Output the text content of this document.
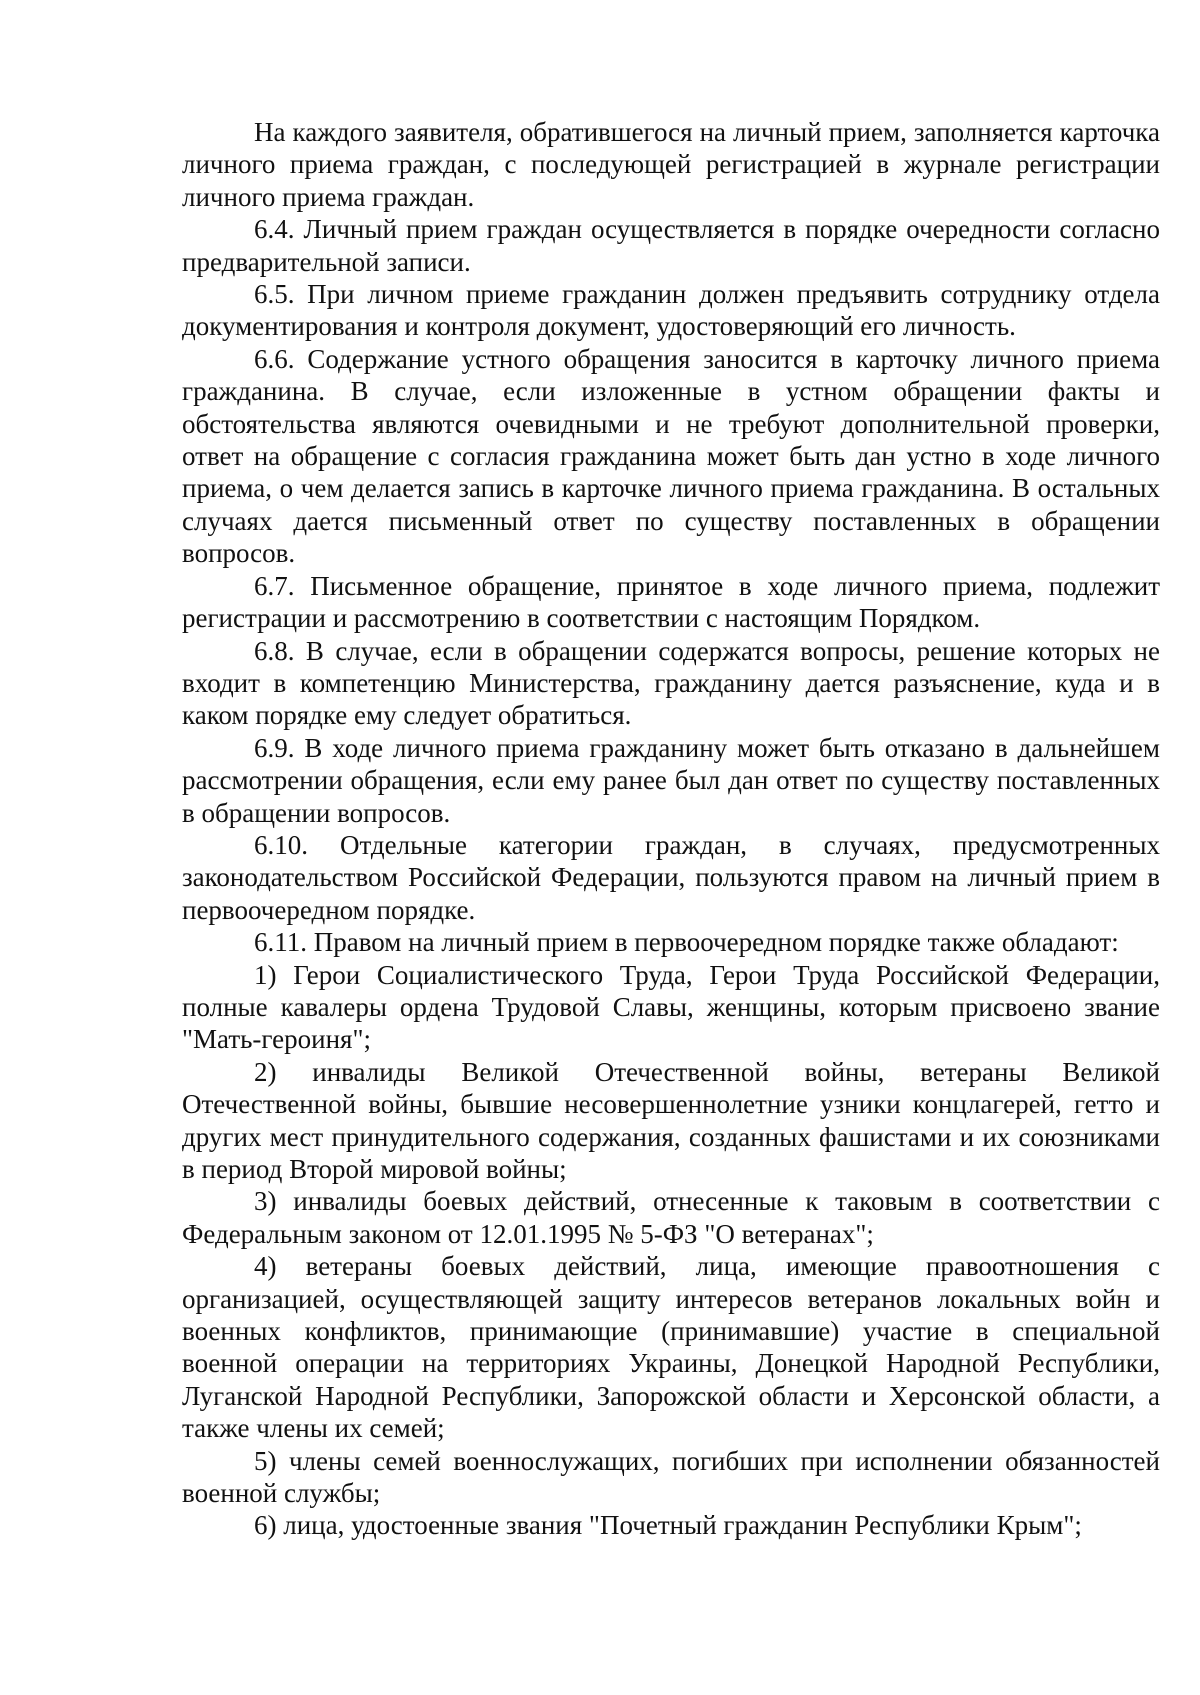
На каждого заявителя, обратившегося на личный прием, заполняется карточка личного приема граждан, с последующей регистрацией в журнале регистрации личного приема граждан.

6.4. Личный прием граждан осуществляется в порядке очередности согласно предварительной записи.

6.5. При личном приеме гражданин должен предъявить сотруднику отдела документирования и контроля документ, удостоверяющий его личность.

6.6. Содержание устного обращения заносится в карточку личного приема гражданина. В случае, если изложенные в устном обращении факты и обстоятельства являются очевидными и не требуют дополнительной проверки, ответ на обращение с согласия гражданина может быть дан устно в ходе личного приема, о чем делается запись в карточке личного приема гражданина. В остальных случаях дается письменный ответ по существу поставленных в обращении вопросов.

6.7. Письменное обращение, принятое в ходе личного приема, подлежит регистрации и рассмотрению в соответствии с настоящим Порядком.

6.8. В случае, если в обращении содержатся вопросы, решение которых не входит в компетенцию Министерства, гражданину дается разъяснение, куда и в каком порядке ему следует обратиться.

6.9. В ходе личного приема гражданину может быть отказано в дальнейшем рассмотрении обращения, если ему ранее был дан ответ по существу поставленных в обращении вопросов.

6.10. Отдельные категории граждан, в случаях, предусмотренных законодательством Российской Федерации, пользуются правом на личный прием в первоочередном порядке.

6.11. Правом на личный прием в первоочередном порядке также обладают:

1) Герои Социалистического Труда, Герои Труда Российской Федерации, полные кавалеры ордена Трудовой Славы, женщины, которым присвоено звание "Мать-героиня";

2) инвалиды Великой Отечественной войны, ветераны Великой Отечественной войны, бывшие несовершеннолетние узники концлагерей, гетто и других мест принудительного содержания, созданных фашистами и их союзниками в период Второй мировой войны;

3) инвалиды боевых действий, отнесенные к таковым в соответствии с Федеральным законом от 12.01.1995 № 5-ФЗ "О ветеранах";

4) ветераны боевых действий, лица, имеющие правоотношения с организацией, осуществляющей защиту интересов ветеранов локальных войн и военных конфликтов, принимающие (принимавшие) участие в специальной военной операции на территориях Украины, Донецкой Народной Республики, Луганской Народной Республики, Запорожской области и Херсонской области, а также члены их семей;

5) члены семей военнослужащих, погибших при исполнении обязанностей военной службы;

6) лица, удостоенные звания "Почетный гражданин Республики Крым";
